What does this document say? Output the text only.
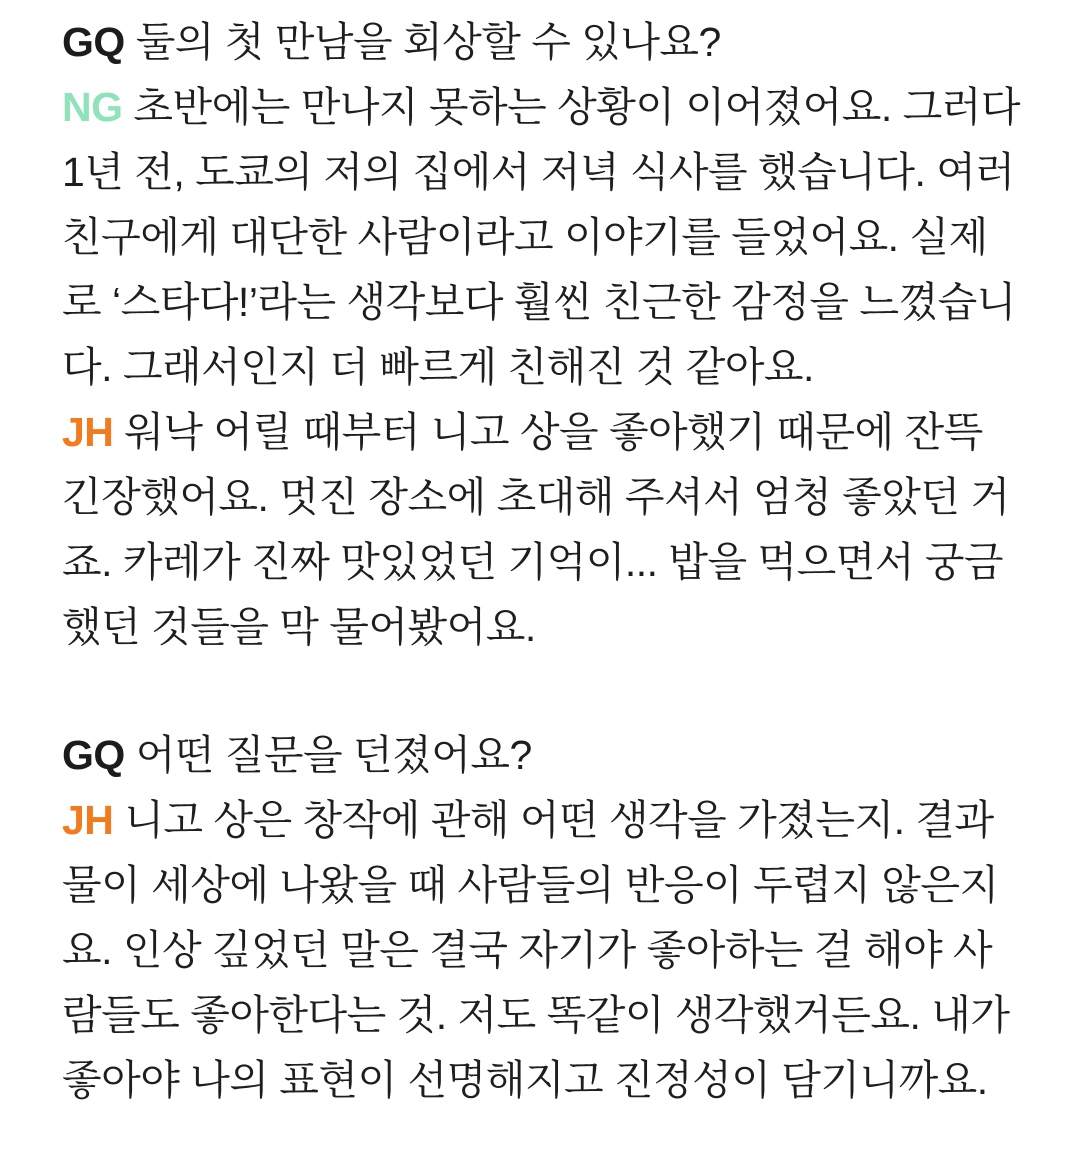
GQ 둘의 첫 만남을 회상할 수 있나요?

NG 초반에는 만나지 못하는 상황이 이어졌어요. 그러다 1년 전, 도쿄의 저의 집에서 저녁 식사를 했습니다. 여러 친구에게 대단한 사람이라고 이야기를 들었어요. 실제로 ‘스타다!’라는 생각보다 훨씬 친근한 감정을 느꼈습니다. 그래서인지 더 빠르게 친해진 것 같아요.

JH 워낙 어릴 때부터 니고 상을 좋아했기 때문에 잔뜩 긴장했어요. 멋진 장소에 초대해 주셔서 엄청 좋았던 거죠. 카레가 진짜 맛있었던 기억이... 밥을 먹으면서 궁금했던 것들을 막 물어봤어요.

GQ 어떤 질문을 던졌어요?

JH 니고 상은 창작에 관해 어떤 생각을 가졌는지. 결과물이 세상에 나왔을 때 사람들의 반응이 두렵지 않은지요. 인상 깊었던 말은 결국 자기가 좋아하는 걸 해야 사람들도 좋아한다는 것. 저도 똑같이 생각했거든요. 내가 좋아야 나의 표현이 선명해지고 진정성이 담기니까요.
